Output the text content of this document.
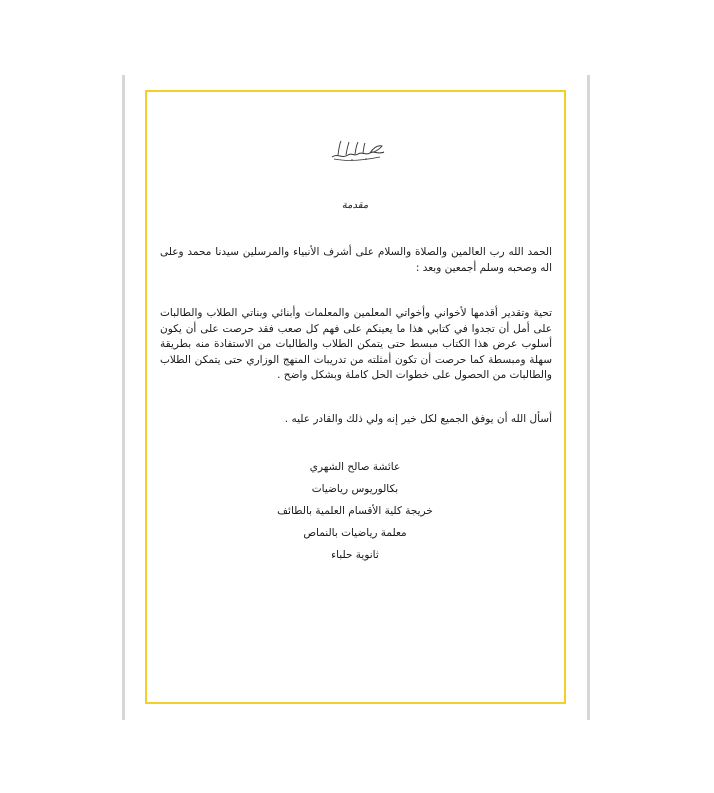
مقدمة
الحمد الله رب العالمين والصلاة والسلام على أشرف الأنبياء والمرسلين سيدنا محمد وعلى اله وصحبه وسلم أجمعين وبعد :
تحية وتقدير أقدمها لأخواني وأخواتي المعلمين والمعلمات وأبنائي وبناتي الطلاب والطالبات على أمل أن تجدوا في كتابي هذا ما يعينكم على فهم كل صعب فقد حرصت على أن يكون أسلوب عرض هذا الكتاب مبسط حتى يتمكن الطلاب والطالبات من الاستفادة منه بطريقة سهلة ومبسطة كما حرصت أن تكون أمثلته من تدريبات المنهج الوزاري حتى يتمكن الطلاب والطالبات من الحصول على خطوات الحل كاملة وبشكل واضح .
أسأل الله أن يوفق الجميع لكل خير إنه ولي ذلك والقادر عليه .
عائشة صالح الشهري
بكالوريوس رياضيات
خريجة كلية الأقسام العلمية بالطائف
معلمة رياضيات بالنماص
ثانوية حلباء
